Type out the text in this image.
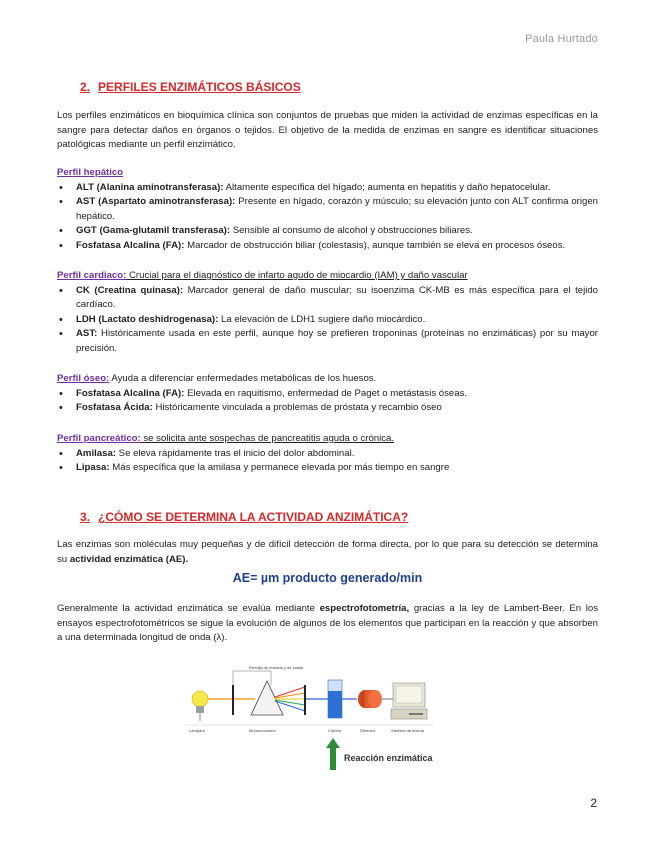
Paula Hurtado
2. PERFILES ENZIMÁTICOS BÁSICOS
Los perfiles enzimáticos en bioquímica clínica son conjuntos de pruebas que miden la actividad de enzimas específicas en la sangre para detectar daños en órganos o tejidos. El objetivo de la medida de enzimas en sangre es identificar situaciones patológicas mediante un perfil enzimático.
Perfil hepático
• ALT (Alanina aminotransferasa): Altamente específica del hígado; aumenta en hepatitis y daño hepatocelular.
• AST (Aspartato aminotransferasa): Presente en hígado, corazón y músculo; su elevación junto con ALT confirma origen hepático.
• GGT (Gama-glutamil transferasa): Sensible al consumo de alcohol y obstrucciones biliares.
• Fosfatasa Alcalina (FA): Marcador de obstrucción biliar (colestasis), aunque también se eleva en procesos óseos.
Perfil cardiaco: Crucial para el diagnóstico de infarto agudo de miocardio (IAM) y daño vascular
• CK (Creatina quinasa): Marcador general de daño muscular; su isoenzima CK-MB es más específica para el tejido cardíaco.
• LDH (Lactato deshidrogenasa): La elevación de LDH1 sugiere daño miocárdico.
• AST: Históricamente usada en este perfil, aunque hoy se prefieren troponinas (proteínas no enzimáticas) por su mayor precisión.
Perfil óseo: Ayuda a diferenciar enfermedades metabólicas de los huesos.
• Fosfatasa Alcalina (FA): Elevada en raquitismo, enfermedad de Paget o metástasis óseas.
• Fosfatasa Ácida: Históricamente vinculada a problemas de próstata y recambio óseo
Perfil pancreático: se solicita ante sospechas de pancreatitis aguda o crónica.
• Amilasa: Se eleva rápidamente tras el inicio del dolor abdominal.
• Lipasa: Más específica que la amilasa y permanece elevada por más tiempo en sangre
3. ¿CÓMO SE DETERMINA LA ACTIVIDAD ANZIMÁTICA?
Las enzimas son moléculas muy pequeñas y de difícil detección de forma directa, por lo que para su detección se determina su actividad enzimática (AE).
AE= µm producto generado/min
Generalmente la actividad enzimática se evalúa mediante espectrofotometría, gracias a la ley de Lambert-Beer. En los ensayos espectrofotométricos se sigue la evolución de algunos de los elementos que participan en la reacción y que absorben a una determinada longitud de onda (λ).
Rendija de entrada y de salida
Lámpara	Monocromador	Cubeta	Detector	Sistema de lectura
Reacción enzimática
2
